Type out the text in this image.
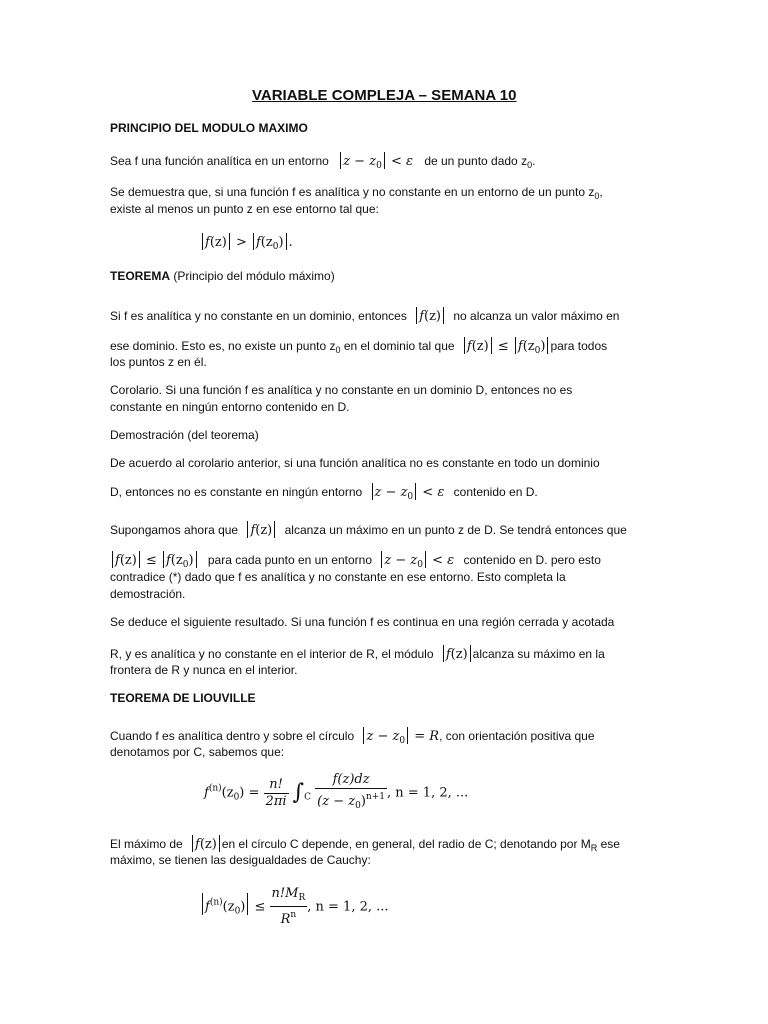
VARIABLE COMPLEJA – SEMANA 10
PRINCIPIO DEL MODULO MAXIMO
Sea f una función analítica en un entorno $z - z_0 < \varepsilon$ de un punto dado $z_0$.
Se demuestra que, si una función f es analítica y no constante en un entorno de un punto $z_0$,
existe al menos un punto z en ese entorno tal que:
$f(z) > f(z_0)$ .
TEOREMA (Principio del módulo máximo)
Si f es analítica y no constante en un dominio, entonces f(z) no alcanza un valor máximo en
ese dominio. Esto es, no existe un punto $z_0$ en el dominio tal que $f(z) \le f(z_0)$ para todos
los puntos z en él.
Corolario. Si una función f es analítica y no constante en un dominio D, entonces no es
constante en ningún entorno contenido en D.
Demostración (del teorema)
De acuerdo al corolario anterior, si una función analítica no es constante en todo un dominio
D, entonces no es constante en ningún entorno $z - z_0 < \varepsilon$ contenido en D.
Supongamos ahora que f(z) alcanza un máximo en un punto z de D. Se tendrá entonces que
$f(z) \le f(z_0)$ para cada punto en un entorno $z - z_0 < \varepsilon$ contenido en D. pero esto
contradice (*) dado que f es analítica y no constante en ese entorno. Esto completa la
demostración.
Se deduce el siguiente resultado. Si una función f es continua en una región cerrada y acotada
R, y es analítica y no constante en el interior de R, el módulo f(z) alcanza su máximo en la
frontera de R y nunca en el interior.
TEOREMA DE LIOUVILLE
Cuando f es analítica dentro y sobre el círculo $z - z_0 = R$, con orientación positiva que
denotamos por C, sabemos que:
$f^{(n)}(z_0) = \frac{n!}{2\pi i} \int_C \frac{f(z)dz}{(z - z_0)^{n+1}}$ , n = 1, 2, ...
El máximo de f(z) en el círculo C depende, en general, del radio de C; denotando por $M_R$ ese
máximo, se tienen las desigualdades de Cauchy:
$f^{(n)}(z_0) \le \frac{n!M_R}{R^n}$ , n = 1, 2, ...
